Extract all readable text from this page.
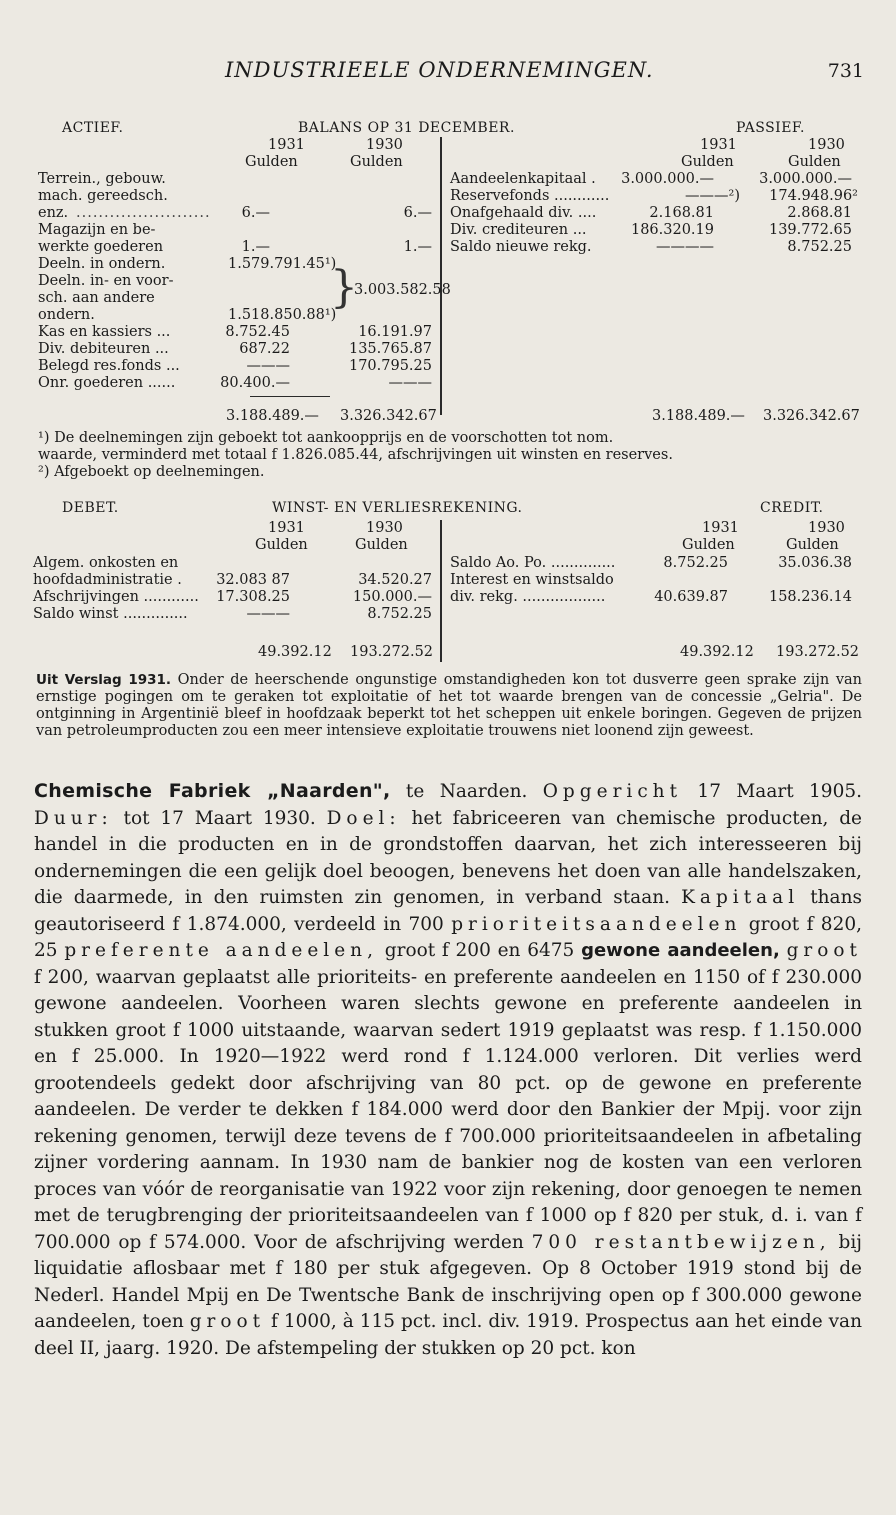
INDUSTRIEELE ONDERNEMINGEN.	731
ACTIEF.	BALANS OP 31 DECEMBER.	PASSIEF.
1931	1930
Gulden	Gulden
1931	1930
Gulden	Gulden
Terrein., gebouw.
mach. gereedsch.
enz. ........................	6.—	6.—
Magazijn en be-
werkte goederen	1.—	1.—
Deeln. in ondern.	1.579.791.45¹)
Deeln. in- en voor-
sch. aan andere
ondern.	1.518.850.88¹)
}
3.003.582.58
Kas en kassiers ...	8.752.45	16.191.97
Div. debiteuren ...	687.22	135.765.87
Belegd res.fonds ...	———	170.795.25
Onr. goederen ......	80.400.—	———
Aandeelenkapitaal .	3.000.000.—	3.000.000.—
Reservefonds ............	———²)	174.948.96²
Onafgehaald div. ....	2.168.81	2.868.81
Div. crediteuren ...	186.320.19	139.772.65
Saldo nieuwe rekg.	————	8.752.25
3.188.489.— 3.326.342.67	3.188.489.— 3.326.342.67
¹) De deelnemingen zijn geboekt tot aankoopprijs en de voorschotten tot nom.
waarde, verminderd met totaal f 1.826.085.44, afschrijvingen uit winsten en reserves.
²) Afgeboekt op deelnemingen.
DEBET.	WINST- EN VERLIESREKENING.	CREDIT.
1931	1930
Gulden	Gulden
1931	1930
Gulden	Gulden
Algem. onkosten en
hoofdadministratie .	32.083 87	34.520.27
Afschrijvingen ............	17.308.25	150.000.—
Saldo winst ..............	———	8.752.25
Saldo Ao. Po. ..............	8.752.25	35.036.38
Interest en winstsaldo
div. rekg. ..................	40.639.87	158.236.14
49.392.12 193.272.52	49.392.12 193.272.52
Uit Verslag 1931. Onder de heerschende ongunstige omstandigheden kon tot dusverre geen sprake zijn van ernstige pogingen om te geraken tot exploitatie of het tot waarde brengen van de concessie „Gelria". De ontginning in Argentinië bleef in hoofdzaak beperkt tot het scheppen uit enkele boringen. Gegeven de prijzen van petroleumproducten zou een meer intensieve exploitatie trouwens niet loonend zijn geweest.
Chemische Fabriek „Naarden", te Naarden. Opgericht 17 Maart 1905. Duur: tot 17 Maart 1930. Doel: het fabriceeren van chemische producten, de handel in die producten en in de grondstoffen daarvan, het zich interesseeren bij ondernemingen die een gelijk doel beoogen, benevens het doen van alle handelszaken, die daarmede, in den ruimsten zin genomen, in verband staan. Kapitaal thans geautoriseerd f 1.874.000, verdeeld in 700 prioriteitsaandeelen groot f 820, 25 preferente aandeelen, groot f 200 en 6475 gewone aandeelen, groot f 200, waarvan geplaatst alle prioriteits- en preferente aandeelen en 1150 of f 230.000 gewone aandeelen. Voorheen waren slechts gewone en preferente aandeelen in stukken groot f 1000 uitstaande, waarvan sedert 1919 geplaatst was resp. f 1.150.000 en f 25.000. In 1920—1922 werd rond f 1.124.000 verloren. Dit verlies werd grootendeels gedekt door afschrijving van 80 pct. op de gewone en preferente aandeelen. De verder te dekken f 184.000 werd door den Bankier der Mpij. voor zijn rekening genomen, terwijl deze tevens de f 700.000 prioriteitsaandeelen in afbetaling zijner vordering aannam. In 1930 nam de bankier nog de kosten van een verloren proces van vóór de reorganisatie van 1922 voor zijn rekening, door genoegen te nemen met de terugbrenging der prioriteitsaandeelen van f 1000 op f 820 per stuk, d. i. van f 700.000 op f 574.000. Voor de afschrijving werden 700 restantbewijzen, bij liquidatie aflosbaar met f 180 per stuk afgegeven. Op 8 October 1919 stond bij de Nederl. Handel Mpij en De Twentsche Bank de inschrijving open op f 300.000 gewone aandeelen, toen groot f 1000, à 115 pct. incl. div. 1919. Prospectus aan het einde van deel II, jaarg. 1920. De afstempeling der stukken op 20 pct. kon
